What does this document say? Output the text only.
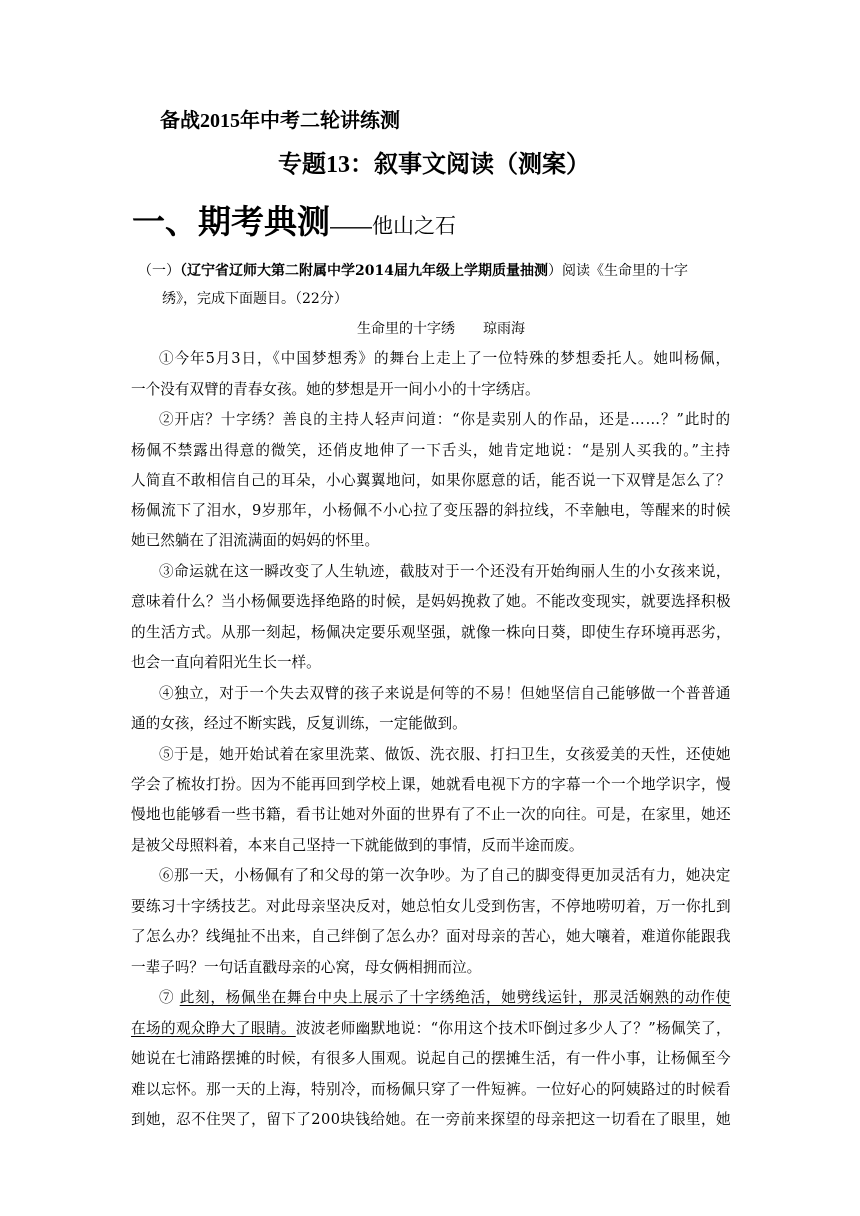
备战2015年中考二轮讲练测
专题13：叙事文阅读（测案）
一、期考典测——他山之石
（一）（辽宁省辽师大第二附属中学2014届九年级上学期质量抽测）阅读《生命里的十字
绣》，完成下面题目。（22分）
生命里的十字绣 琼雨海
①今年5月3日，《中国梦想秀》的舞台上走上了一位特殊的梦想委托人。她叫杨佩，
一个没有双臂的青春女孩。她的梦想是开一间小小的十字绣店。
②开店？十字绣？善良的主持人轻声问道：“你是卖别人的作品，还是……？”此时的
杨佩不禁露出得意的微笑，还俏皮地伸了一下舌头，她肯定地说：“是别人买我的。”主持
人简直不敢相信自己的耳朵，小心翼翼地问，如果你愿意的话，能否说一下双臂是怎么了？
杨佩流下了泪水，9岁那年，小杨佩不小心拉了变压器的斜拉线，不幸触电，等醒来的时候
她已然躺在了泪流满面的妈妈的怀里。
③命运就在这一瞬改变了人生轨迹，截肢对于一个还没有开始绚丽人生的小女孩来说，
意味着什么？当小杨佩要选择绝路的时候，是妈妈挽救了她。不能改变现实，就要选择积极
的生活方式。从那一刻起，杨佩决定要乐观坚强，就像一株向日葵，即使生存环境再恶劣，
也会一直向着阳光生长一样。
④独立，对于一个失去双臂的孩子来说是何等的不易！但她坚信自己能够做一个普普通
通的女孩，经过不断实践，反复训练，一定能做到。
⑤于是，她开始试着在家里洗菜、做饭、洗衣服、打扫卫生，女孩爱美的天性，还使她
学会了梳妆打扮。因为不能再回到学校上课，她就看电视下方的字幕一个一个地学识字，慢
慢地也能够看一些书籍，看书让她对外面的世界有了不止一次的向往。可是，在家里，她还
是被父母照料着，本来自己坚持一下就能做到的事情，反而半途而废。
⑥那一天，小杨佩有了和父母的第一次争吵。为了自己的脚变得更加灵活有力，她决定
要练习十字绣技艺。对此母亲坚决反对，她总怕女儿受到伤害，不停地唠叨着，万一你扎到
了怎么办？线绳扯不出来，自己绊倒了怎么办？面对母亲的苦心，她大嚷着，难道你能跟我
一辈子吗？一句话直戳母亲的心窝，母女俩相拥而泣。
⑦ 此刻，杨佩坐在舞台中央上展示了十字绣绝活，她劈线运针，那灵活娴熟的动作使
在场的观众睁大了眼睛。波波老师幽默地说：“你用这个技术吓倒过多少人了？”杨佩笑了，
她说在七浦路摆摊的时候，有很多人围观。说起自己的摆摊生活，有一件小事，让杨佩至今
难以忘怀。那一天的上海，特别冷，而杨佩只穿了一件短裤。一位好心的阿姨路过的时候看
到她，忍不住哭了，留下了200块钱给她。在一旁前来探望的母亲把这一切看在了眼里，她
